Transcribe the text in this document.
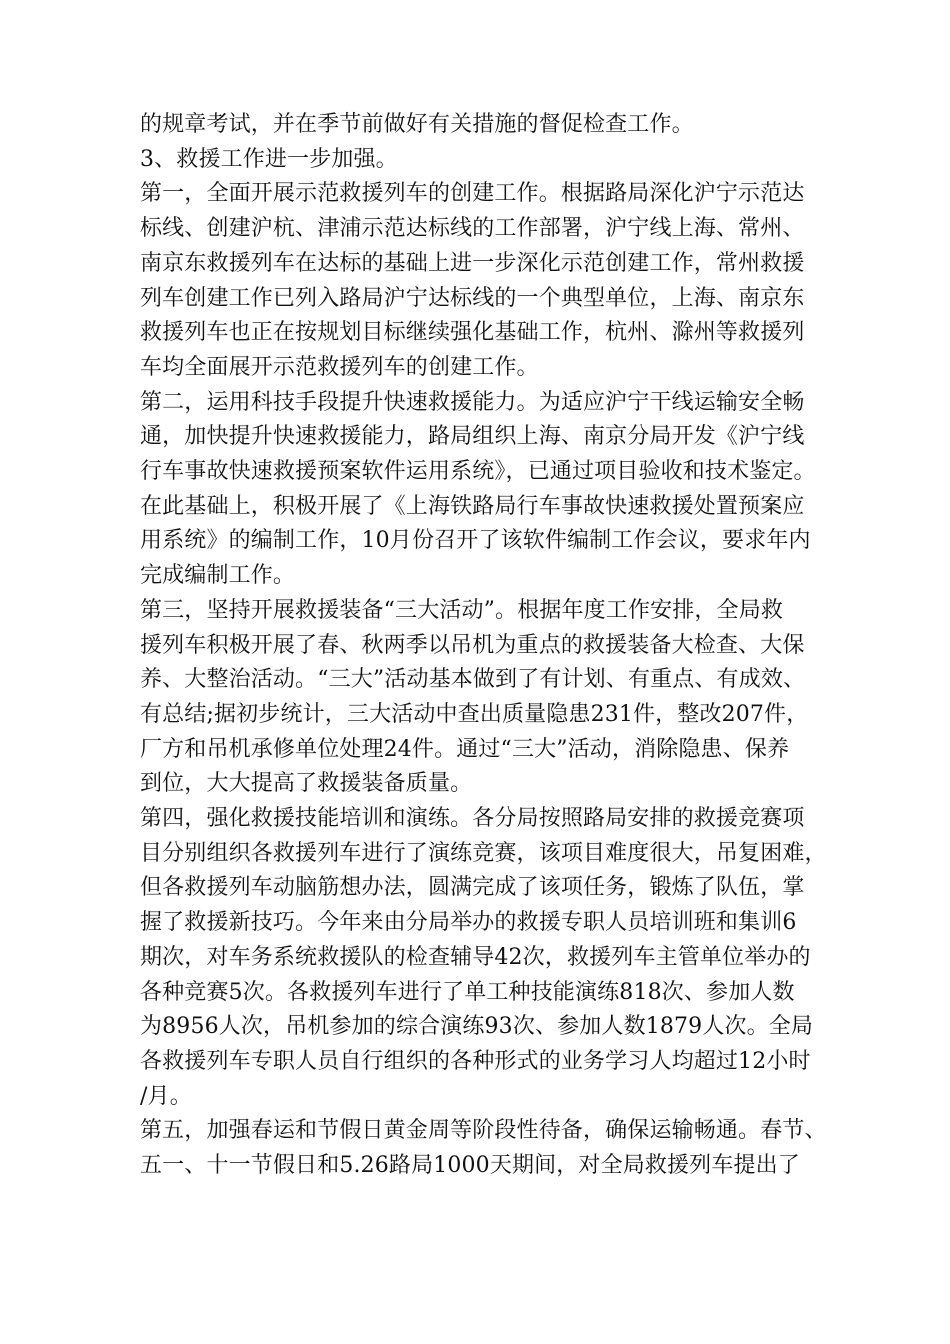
的规章考试，并在季节前做好有关措施的督促检查工作。
3、救援工作进一步加强。
第一，全面开展示范救援列车的创建工作。根据路局深化沪宁示范达
标线、创建沪杭、津浦示范达标线的工作部署，沪宁线上海、常州、
南京东救援列车在达标的基础上进一步深化示范创建工作，常州救援
列车创建工作已列入路局沪宁达标线的一个典型单位，上海、南京东
救援列车也正在按规划目标继续强化基础工作，杭州、滁州等救援列
车均全面展开示范救援列车的创建工作。
第二，运用科技手段提升快速救援能力。为适应沪宁干线运输安全畅
通，加快提升快速救援能力，路局组织上海、南京分局开发《沪宁线
行车事故快速救援预案软件运用系统》，已通过项目验收和技术鉴定。
在此基础上，积极开展了《上海铁路局行车事故快速救援处置预案应
用系统》的编制工作，10月份召开了该软件编制工作会议，要求年内
完成编制工作。
第三，坚持开展救援装备“三大活动”。根据年度工作安排，全局救
援列车积极开展了春、秋两季以吊机为重点的救援装备大检查、大保
养、大整治活动。“三大”活动基本做到了有计划、有重点、有成效、
有总结;据初步统计，三大活动中查出质量隐患231件，整改207件，
厂方和吊机承修单位处理24件。通过“三大”活动，消除隐患、保养
到位，大大提高了救援装备质量。
第四，强化救援技能培训和演练。各分局按照路局安排的救援竞赛项
目分别组织各救援列车进行了演练竞赛，该项目难度很大，吊复困难，
但各救援列车动脑筋想办法，圆满完成了该项任务，锻炼了队伍，掌
握了救援新技巧。今年来由分局举办的救援专职人员培训班和集训6
期次，对车务系统救援队的检查辅导42次，救援列车主管单位举办的
各种竞赛5次。各救援列车进行了单工种技能演练818次、参加人数
为8956人次，吊机参加的综合演练93次、参加人数1879人次。全局
各救援列车专职人员自行组织的各种形式的业务学习人均超过12小时
/月。
第五，加强春运和节假日黄金周等阶段性待备，确保运输畅通。春节、
五一、十一节假日和5.26路局1000天期间，对全局救援列车提出了
